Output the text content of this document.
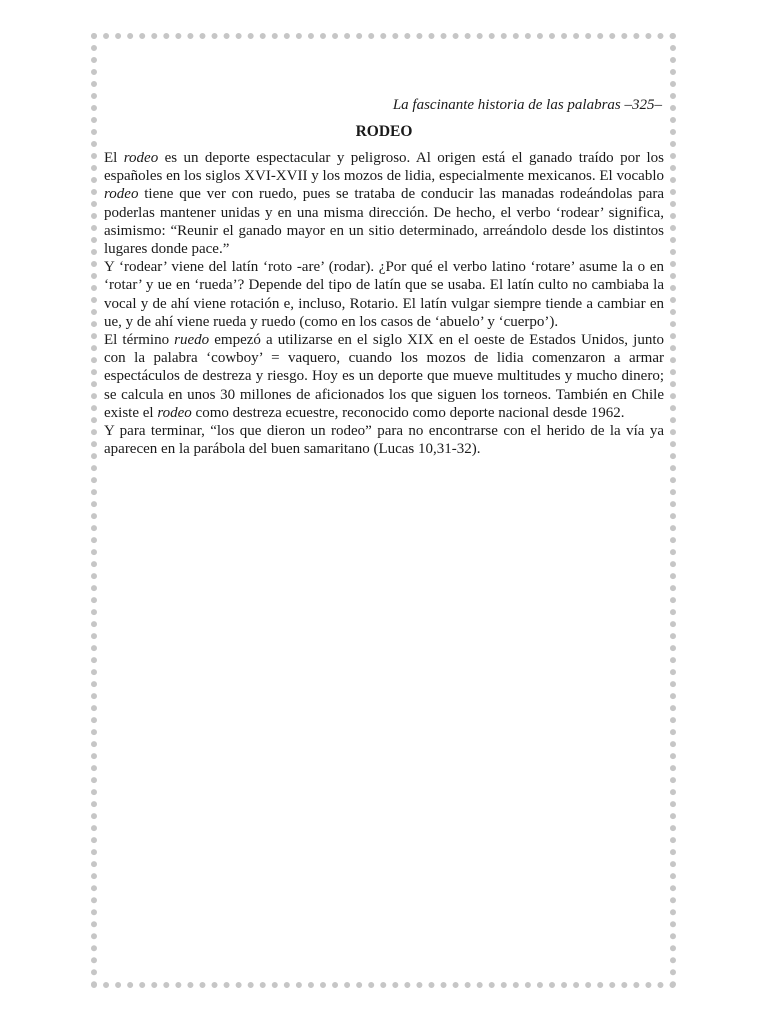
La fascinante historia de las palabras –325–
RODEO

El rodeo es un deporte espectacular y peligroso. Al origen está el ganado traído por los españoles en los siglos XVI-XVII y los mozos de lidia, especialmente mexicanos. El vocablo rodeo tiene que ver con ruedo, pues se trataba de conducir las manadas rodeándolas para poderlas mantener unidas y en una misma dirección. De hecho, el verbo ‘rodear’ significa, asimismo: “Reunir el ganado mayor en un sitio determinado, arreándolo desde los distintos lugares donde pace.”

Y ‘rodear’ viene del latín ‘roto -are’ (rodar). ¿Por qué el verbo latino ‘rotare’ asume la o en ‘rotar’ y ue en ‘rueda’? Depende del tipo de latín que se usaba. El latín culto no cambiaba la vocal y de ahí viene rotación e, incluso, Rotario. El latín vulgar siempre tiende a cambiar en ue, y de ahí viene rueda y ruedo (como en los casos de ‘abuelo’ y ‘cuerpo’).

El término ruedo empezó a utilizarse en el siglo XIX en el oeste de Estados Unidos, junto con la palabra ‘cowboy’ = vaquero, cuando los mozos de lidia comenzaron a armar espectáculos de destreza y riesgo. Hoy es un deporte que mueve multitudes y mucho dinero; se calcula en unos 30 millones de aficionados los que siguen los torneos. También en Chile existe el rodeo como destreza ecuestre, reconocido como deporte nacional desde 1962.

Y para terminar, “los que dieron un rodeo” para no encontrarse con el herido de la vía ya aparecen en la parábola del buen samaritano (Lucas 10,31-32).
